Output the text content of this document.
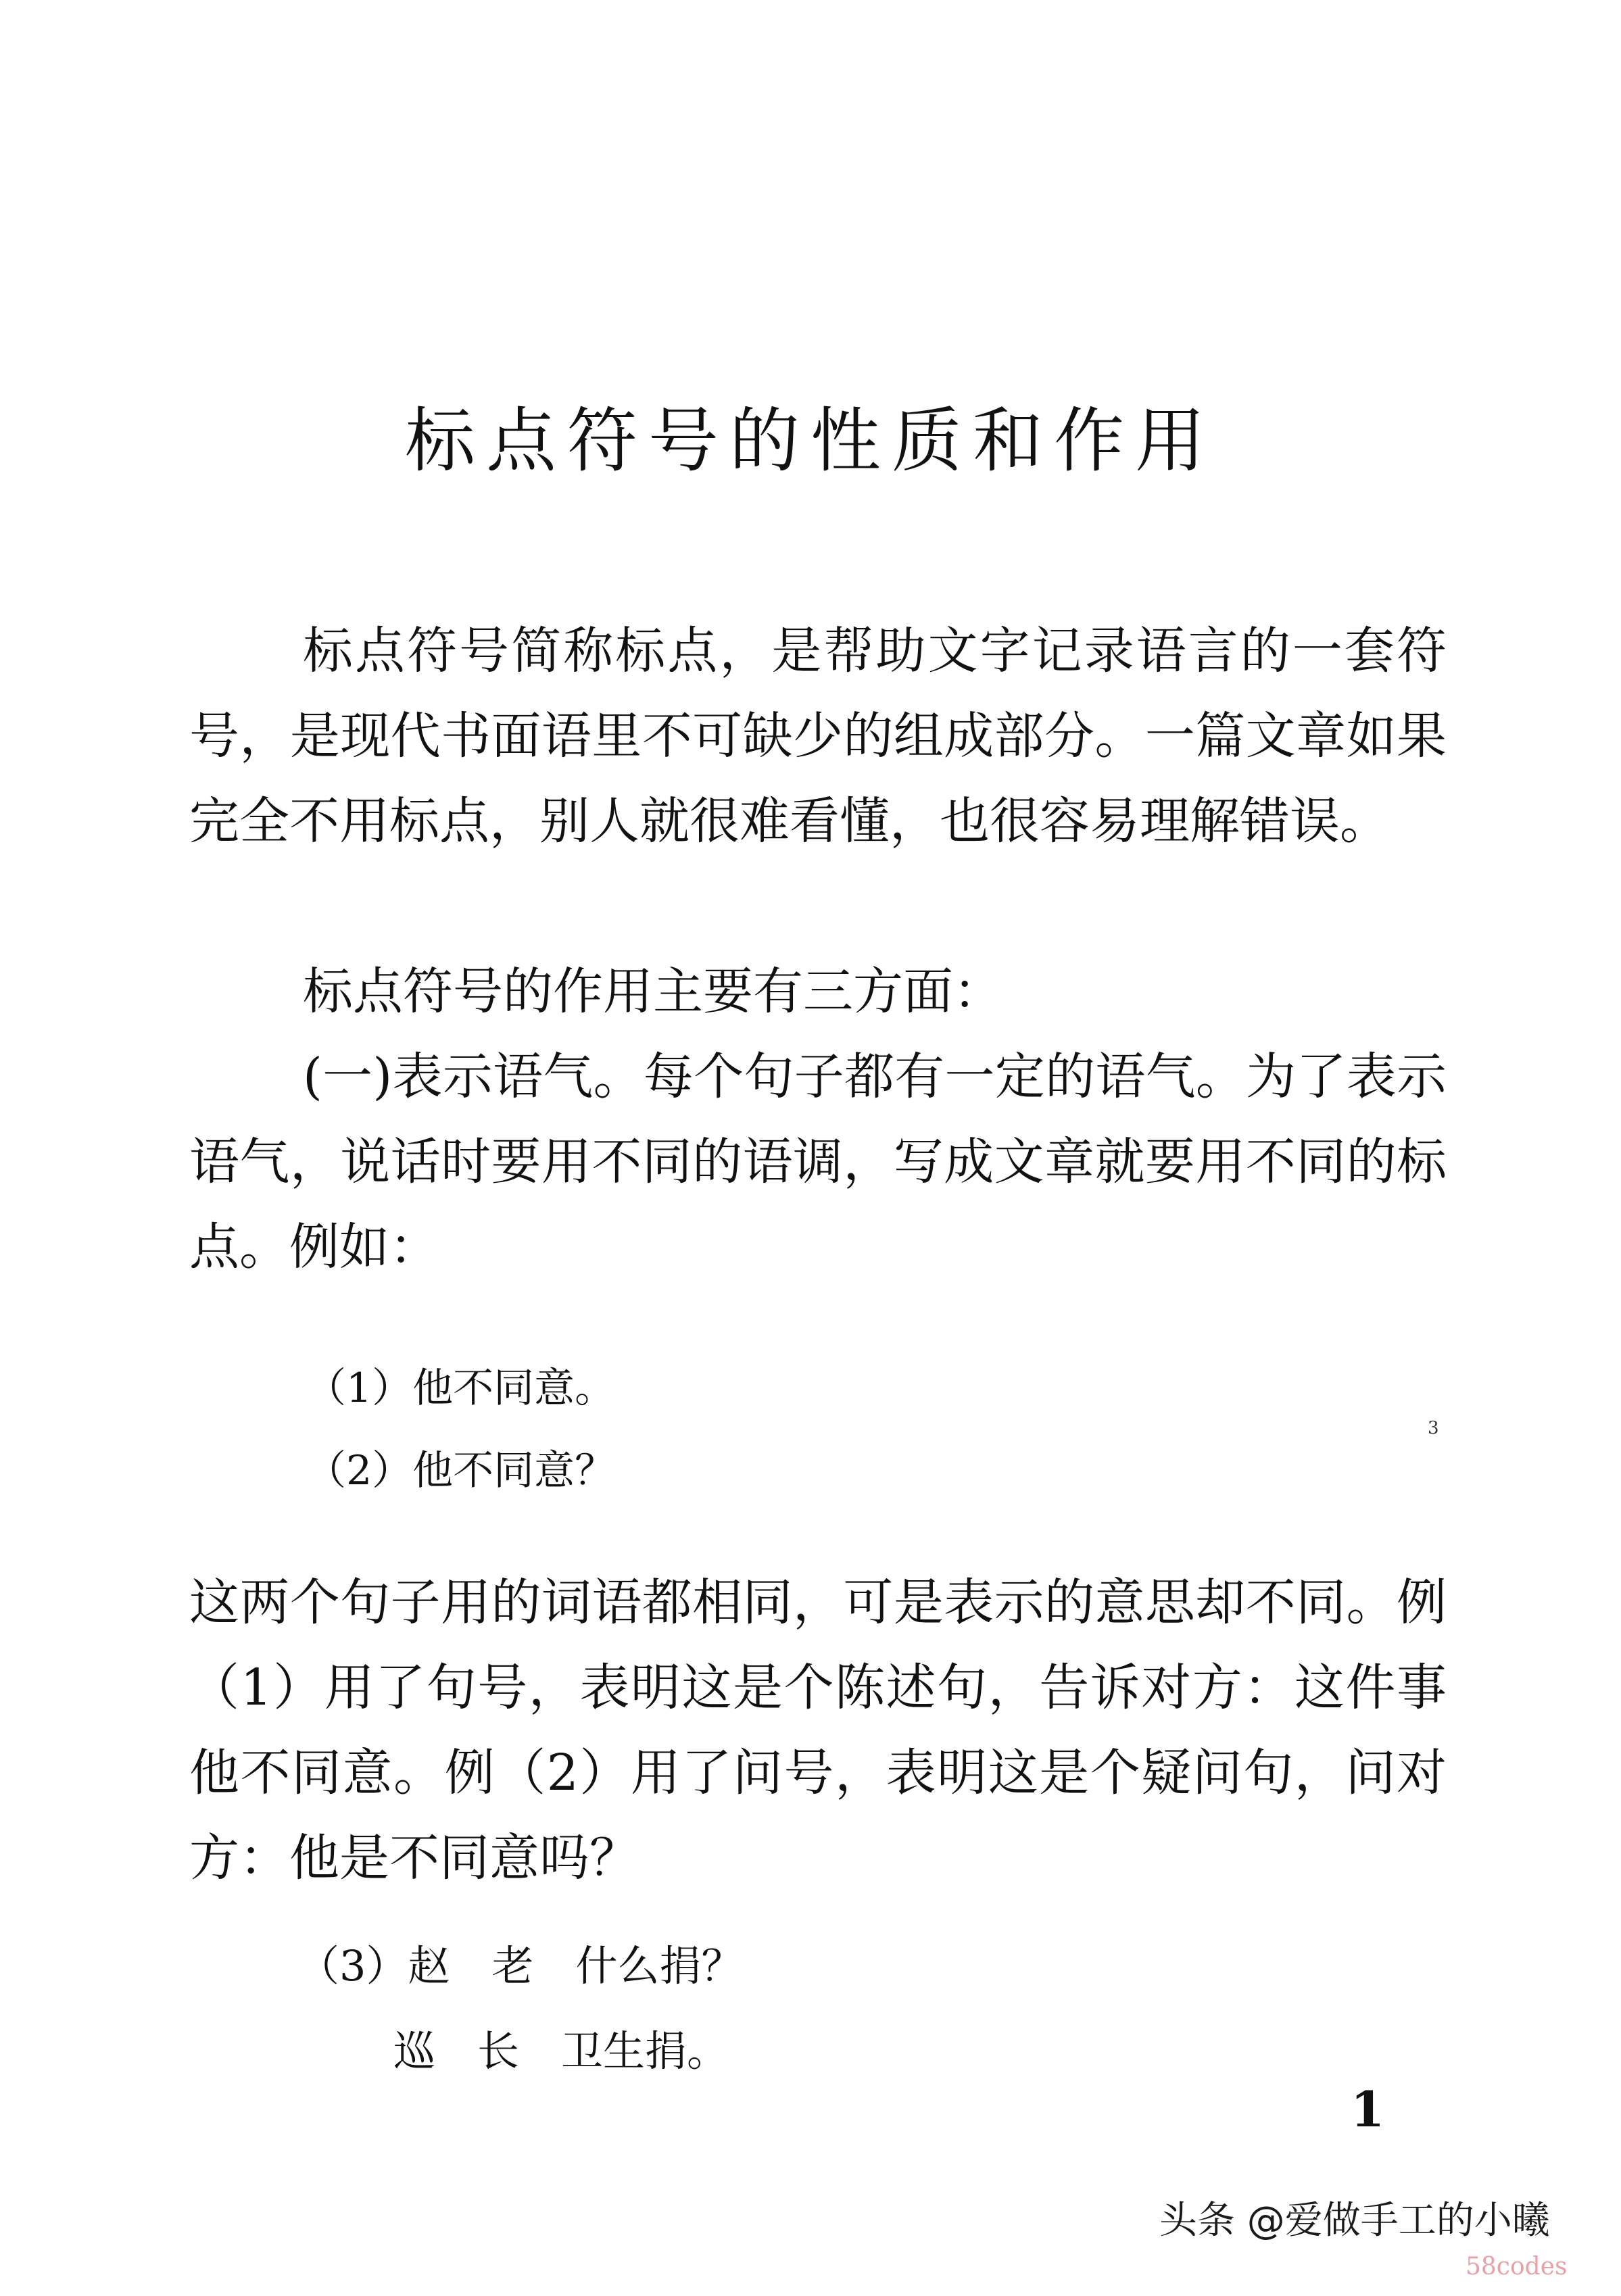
标点符号的性质和作用

标点符号简称标点，是帮助文字记录语言的一套符号，是现代书面语里不可缺少的组成部分。一篇文章如果完全不用标点，别人就很难看懂，也很容易理解错误。

标点符号的作用主要有三方面：

(一)表示语气。每个句子都有一定的语气。为了表示语气，说话时要用不同的语调，写成文章就要用不同的标点。例如：

（1）他不同意。
（2）他不同意？
3

这两个句子用的词语都相同，可是表示的意思却不同。例（1）用了句号，表明这是个陈述句，告诉对方：这件事他不同意。例（2）用了问号，表明这是个疑问句，问对方：他是不同意吗？

（3）赵　老　什么捐？
巡　长　卫生捐。
1
头条 @爱做手工的小曦
58codes
